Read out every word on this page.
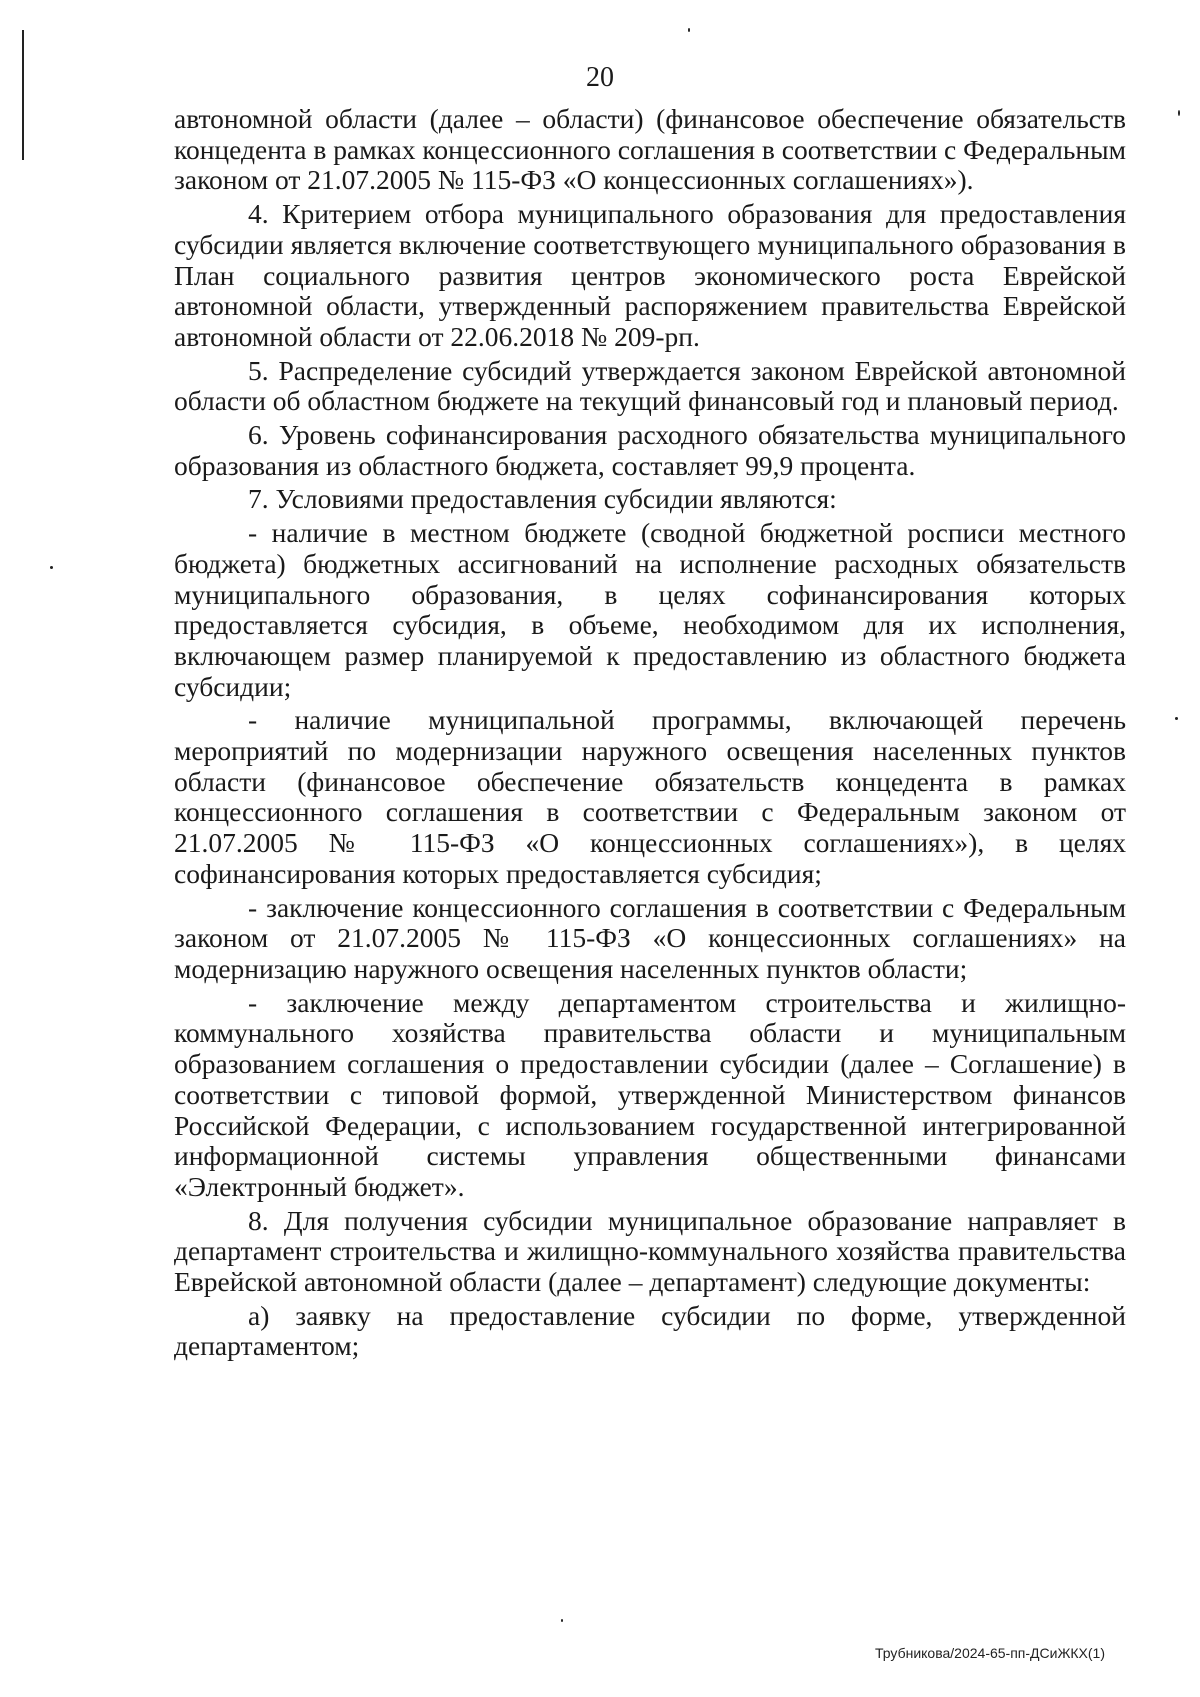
20

автономной области (далее – области) (финансовое обеспечение обязательств концедента в рамках концессионного соглашения в соответствии с Федеральным законом от 21.07.2005 № 115-ФЗ «О концессионных соглашениях»).

4. Критерием отбора муниципального образования для предоставления субсидии является включение соответствующего муниципального образования в План социального развития центров экономического роста Еврейской автономной области, утвержденный распоряжением правительства Еврейской автономной области от 22.06.2018 № 209-рп.

5. Распределение субсидий утверждается законом Еврейской автономной области об областном бюджете на текущий финансовый год и плановый период.

6. Уровень софинансирования расходного обязательства муниципального образования из областного бюджета, составляет 99,9 процента.

7. Условиями предоставления субсидии являются:

- наличие в местном бюджете (сводной бюджетной росписи местного бюджета) бюджетных ассигнований на исполнение расходных обязательств муниципального образования, в целях софинансирования которых предоставляется субсидия, в объеме, необходимом для их исполнения, включающем размер планируемой к предоставлению из областного бюджета субсидии;

- наличие муниципальной программы, включающей перечень мероприятий по модернизации наружного освещения населенных пунктов области (финансовое обеспечение обязательств концедента в рамках концессионного соглашения в соответствии с Федеральным законом от 21.07.2005 № 115-ФЗ «О концессионных соглашениях»), в целях софинансирования которых предоставляется субсидия;

- заключение концессионного соглашения в соответствии с Федеральным законом от 21.07.2005 № 115-ФЗ «О концессионных соглашениях» на модернизацию наружного освещения населенных пунктов области;

- заключение между департаментом строительства и жилищно-коммунального хозяйства правительства области и муниципальным образованием соглашения о предоставлении субсидии (далее – Соглашение) в соответствии с типовой формой, утвержденной Министерством финансов Российской Федерации, с использованием государственной интегрированной информационной системы управления общественными финансами «Электронный бюджет».

8. Для получения субсидии муниципальное образование направляет в департамент строительства и жилищно-коммунального хозяйства правительства Еврейской автономной области (далее – департамент) следующие документы:

а) заявку на предоставление субсидии по форме, утвержденной департаментом;

Трубникова/2024-65-пп-ДСиЖКХ(1)
